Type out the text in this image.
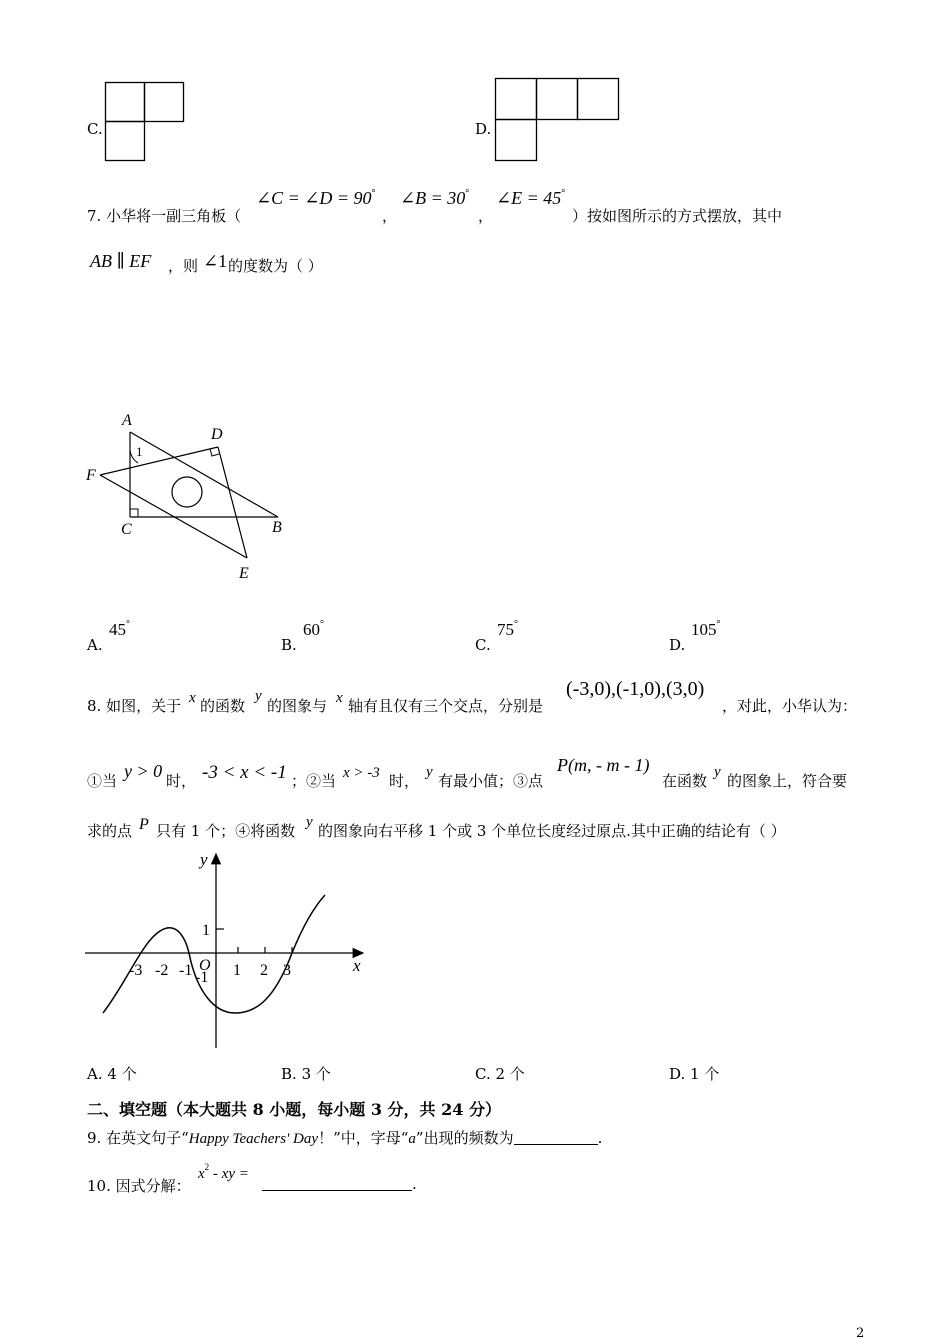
C.	D.
7. 小华将一副三角板（
∠C = ∠D = 90°
，
∠B = 30°
，
∠E = 45°
）按如图所示的方式摆放，其中
AB ∥ EF ，则 ∠1 的度数为（ ）
A
D
F
C	B
E
1
A.
45°
B.
60°
C.
75°
D.
105°
8. 如图，关于 x 的函数
y
的图象与 x 轴有且仅有三个交点，分别是
(-3,0),(-1,0),(3,0)
，对此，小华认为：
①当 y > 0 时， -3 < x < -1 ；②当 x > -3 时， y 有最小值；③点
P(m, - m - 1)
在函数 y 的图象上，符合要
求的点 P 只有 1 个；④将函数 y 的图象向右平移 1 个或 3 个单位长度经过原点.其中正确的结论有（ ）
y
x
O
1
-1
-3 -2 -1	1 2 3
A. 4 个	B. 3 个	C. 2 个	D. 1 个
二、填空题（本大题共 8 小题，每小题 3 分，共 24 分）
9. 在英文句子“Happy Teachers' Day！”中，字母“a”出现的频数为	.
10. 因式分解：
$x^2$ - xy =
.
2
